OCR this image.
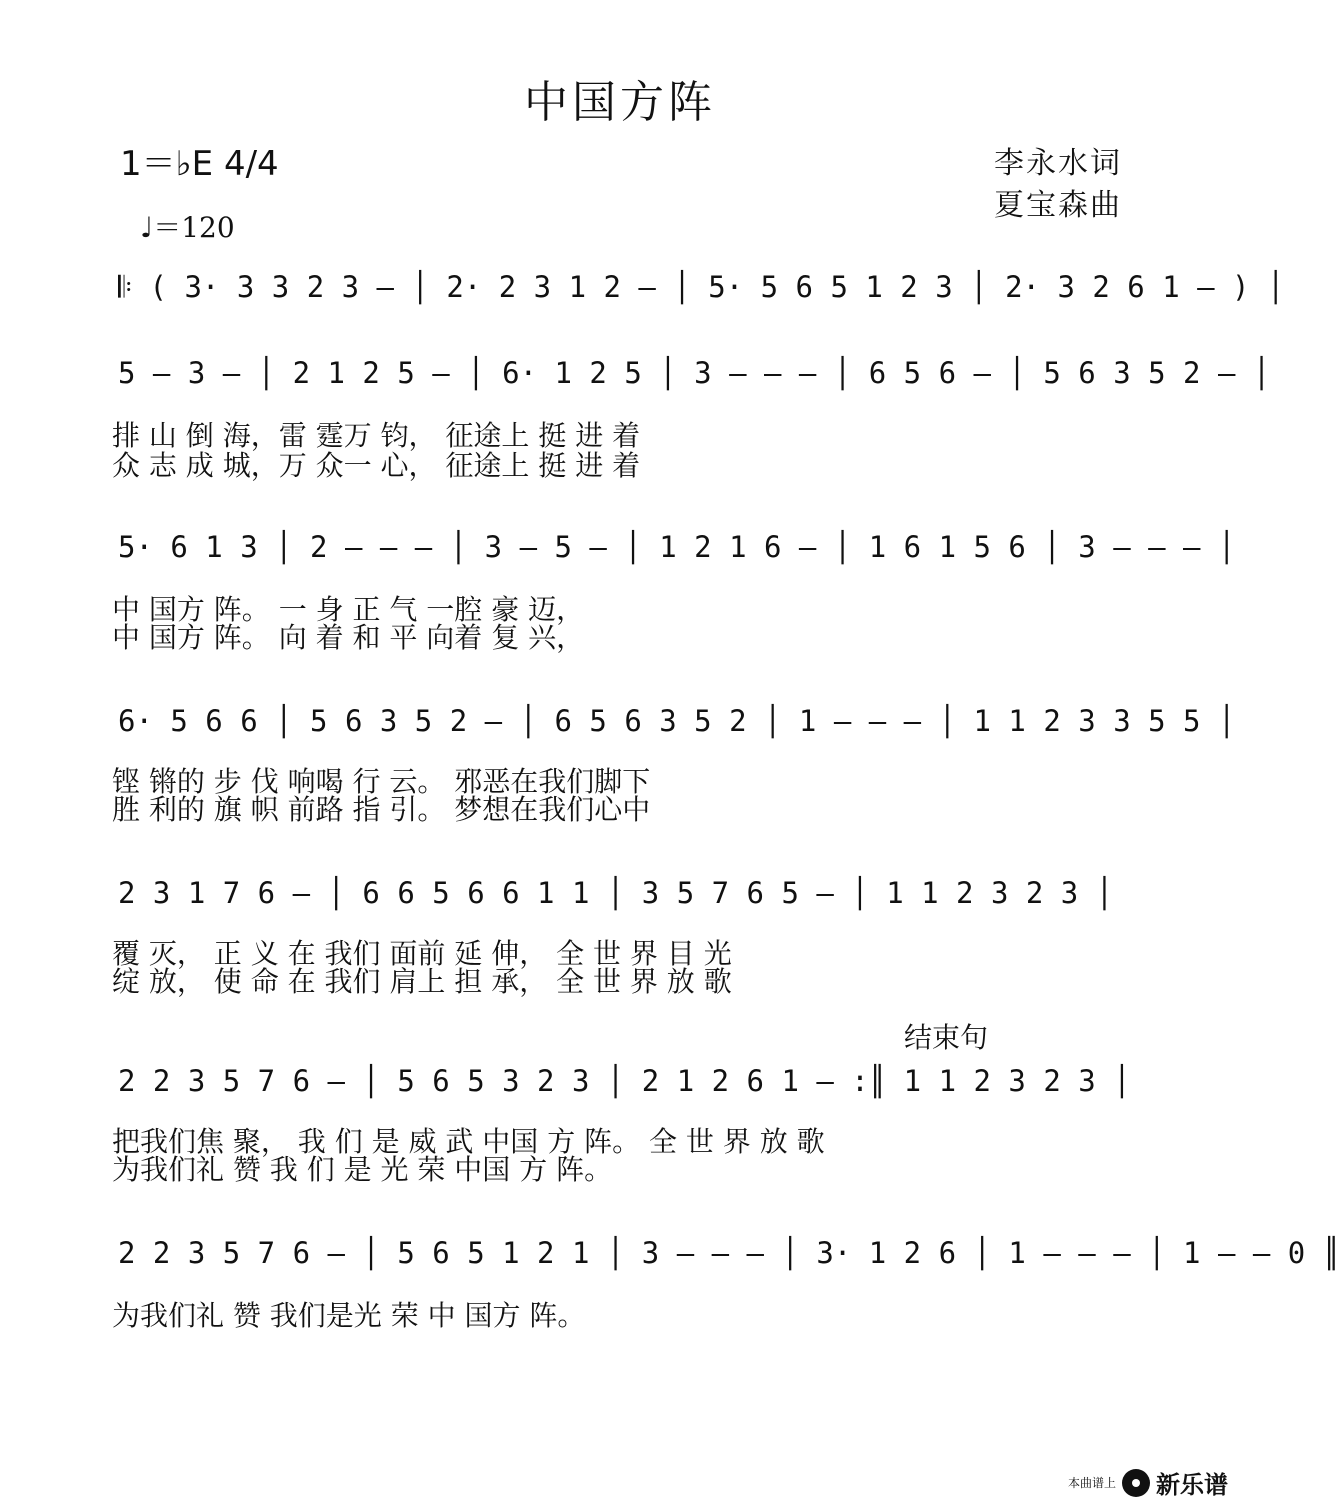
中国方阵
1＝♭E 4/4	李永水词
夏宝森曲
♩＝120
𝄆 ( 3· 3 3 2 3 — │ 2· 2 3 1 2 — │ 5· 5 6 5 1 2 3 │ 2· 3 2 6 1 — ) │
5 — 3 — │ 2 1 2 5 — │ 6· 1 2 5 │ 3 — — — │ 6 5 6 — │ 5 6 3 5 2 — │
排 山 倒 海，雷 霆万 钧， 征途上 挺 进 着
众 志 成 城，万 众一 心， 征途上 挺 进 着
5· 6 1 3 │ 2 — — — │ 3 — 5 — │ 1 2 1 6 — │ 1 6 1 5 6 │ 3 — — — │
中 国方 阵。 一 身 正 气 一腔 豪 迈，
中 国方 阵。 向 着 和 平 向着 复 兴，
6· 5 6 6 │ 5 6 3 5 2 — │ 6 5 6 3 5 2 │ 1 — — — │ 1 1 2 3 3 5 5 │
铿 锵的 步 伐 响喝 行 云。 邪恶在我们脚下
胜 利的 旗 帜 前路 指 引。 梦想在我们心中
2 3 1 7 6 — │ 6 6 5 6 6 1 1 │ 3 5 7 6 5 — │ 1 1 2 3 2 3 │
覆 灭， 正 义 在 我们 面前 延 伸， 全 世 界 目 光
绽 放， 使 命 在 我们 肩上 担 承， 全 世 界 放 歌
结束句
2 2 3 5 7 6 — │ 5 6 5 3 2 3 │ 2 1 2 6 1 — :║ 1 1 2 3 2 3 │
把我们焦 聚， 我 们 是 威 武 中国 方 阵。 全 世 界 放 歌
为我们礼 赞 我 们 是 光 荣 中国 方 阵。
2 2 3 5 7 6 — │ 5 6 5 1 2 1 │ 3 — — — │ 3· 1 2 6 │ 1 — — — │ 1 — — 0 ║
为我们礼 赞 我们是光 荣 中 国方 阵。
本曲谱上 新乐谱
